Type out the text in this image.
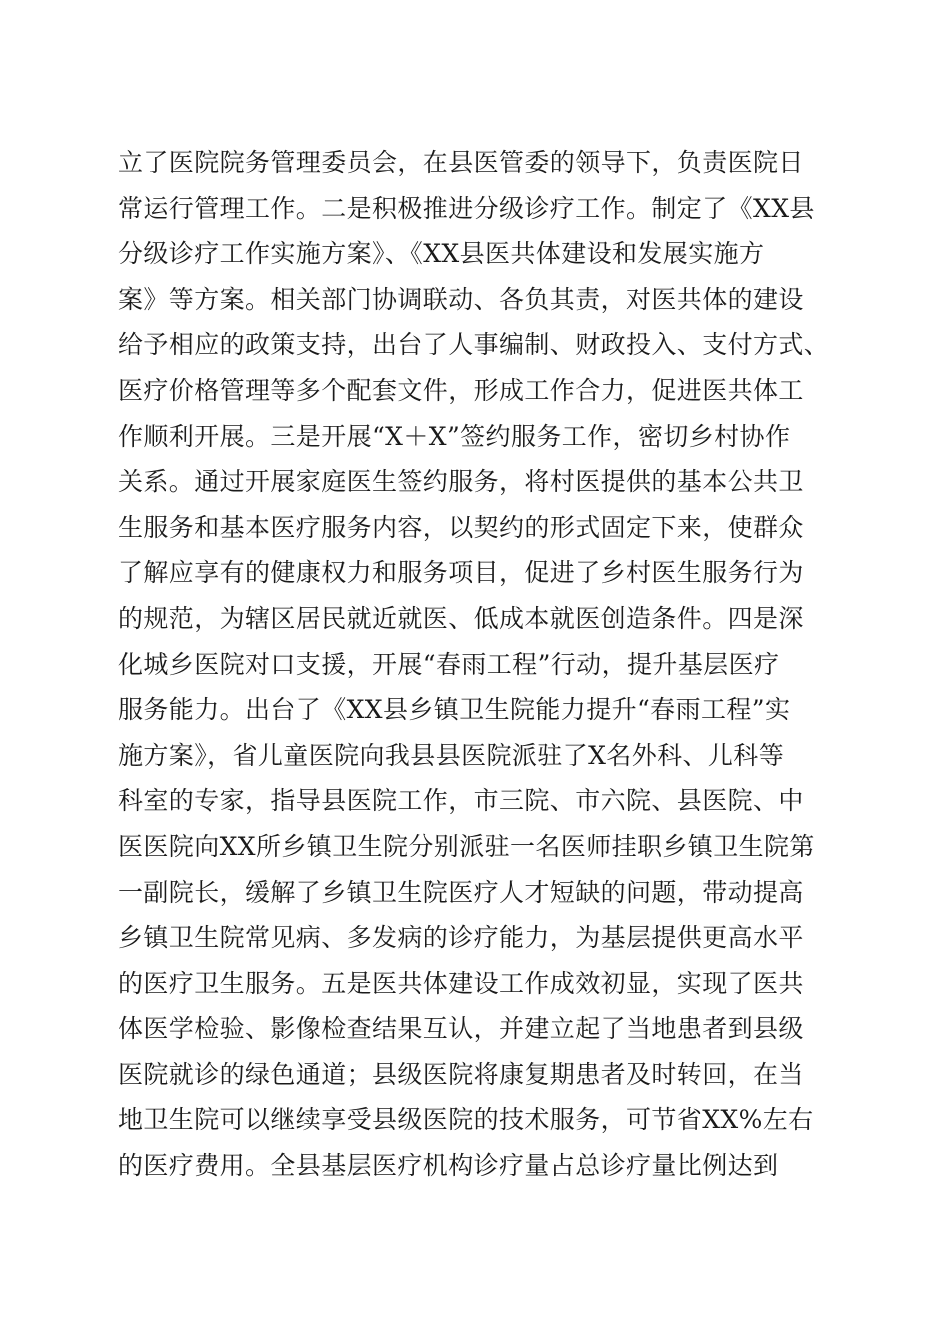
立了医院院务管理委员会，在县医管委的领导下，负责医院日
常运行管理工作。二是积极推进分级诊疗工作。制定了《XX县
分级诊疗工作实施方案》、《XX县医共体建设和发展实施方
案》等方案。相关部门协调联动、各负其责，对医共体的建设
给予相应的政策支持，出台了人事编制、财政投入、支付方式、
医疗价格管理等多个配套文件，形成工作合力，促进医共体工
作顺利开展。三是开展“X＋X”签约服务工作，密切乡村协作
关系。通过开展家庭医生签约服务，将村医提供的基本公共卫
生服务和基本医疗服务内容，以契约的形式固定下来，使群众
了解应享有的健康权力和服务项目，促进了乡村医生服务行为
的规范，为辖区居民就近就医、低成本就医创造条件。四是深
化城乡医院对口支援，开展“春雨工程”行动，提升基层医疗
服务能力。出台了《XX县乡镇卫生院能力提升“春雨工程”实
施方案》，省儿童医院向我县县医院派驻了X名外科、儿科等
科室的专家，指导县医院工作，市三院、市六院、县医院、中
医医院向XX所乡镇卫生院分别派驻一名医师挂职乡镇卫生院第
一副院长，缓解了乡镇卫生院医疗人才短缺的问题，带动提高
乡镇卫生院常见病、多发病的诊疗能力，为基层提供更高水平
的医疗卫生服务。五是医共体建设工作成效初显，实现了医共
体医学检验、影像检查结果互认，并建立起了当地患者到县级
医院就诊的绿色通道；县级医院将康复期患者及时转回，在当
地卫生院可以继续享受县级医院的技术服务，可节省XX%左右
的医疗费用。全县基层医疗机构诊疗量占总诊疗量比例达到
